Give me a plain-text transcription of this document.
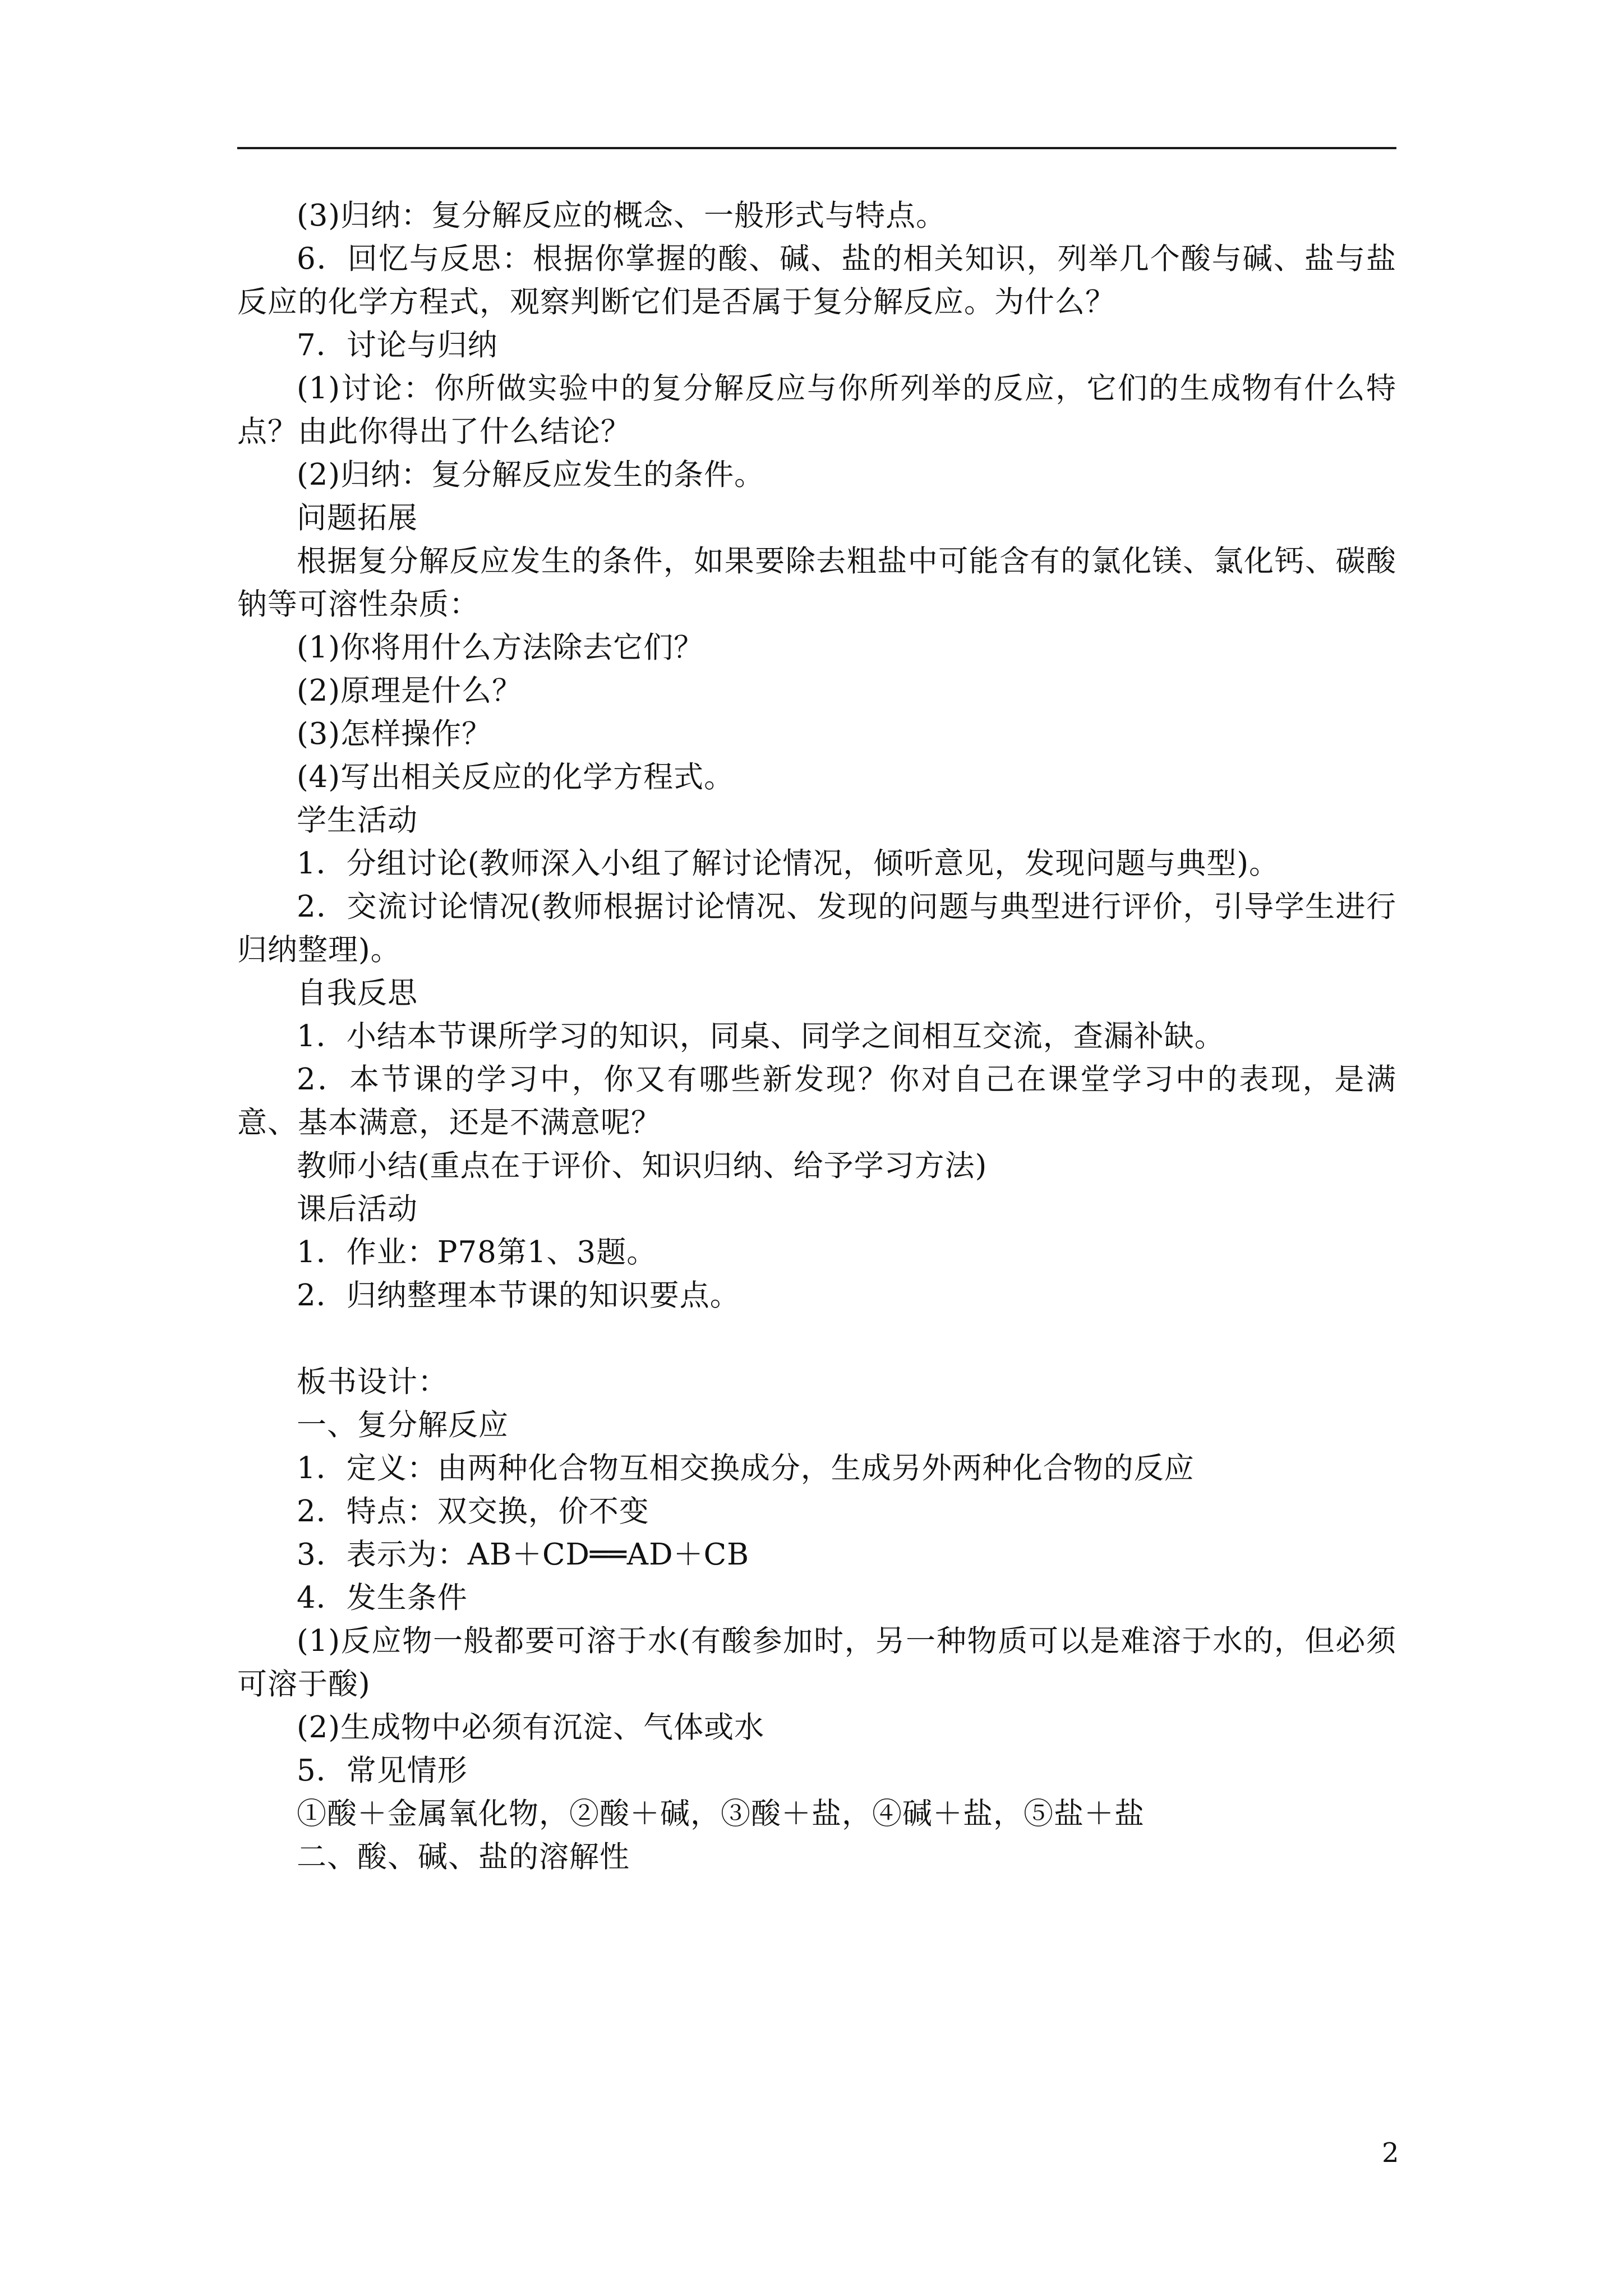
(3)归纳：复分解反应的概念、一般形式与特点。

6．回忆与反思：根据你掌握的酸、碱、盐的相关知识，列举几个酸与碱、盐与盐反应的化学方程式，观察判断它们是否属于复分解反应。为什么？

7．讨论与归纳

(1)讨论：你所做实验中的复分解反应与你所列举的反应，它们的生成物有什么特点？由此你得出了什么结论？

(2)归纳：复分解反应发生的条件。

问题拓展

根据复分解反应发生的条件，如果要除去粗盐中可能含有的氯化镁、氯化钙、碳酸钠等可溶性杂质：

(1)你将用什么方法除去它们？

(2)原理是什么？

(3)怎样操作？

(4)写出相关反应的化学方程式。

学生活动

1．分组讨论(教师深入小组了解讨论情况，倾听意见，发现问题与典型)。

2．交流讨论情况(教师根据讨论情况、发现的问题与典型进行评价，引导学生进行归纳整理)。

自我反思

1．小结本节课所学习的知识，同桌、同学之间相互交流，查漏补缺。

2．本节课的学习中，你又有哪些新发现？你对自己在课堂学习中的表现，是满意、基本满意，还是不满意呢？

教师小结(重点在于评价、知识归纳、给予学习方法)

课后活动

1．作业：P78第1、3题。

2．归纳整理本节课的知识要点。

板书设计：

一、复分解反应

1．定义：由两种化合物互相交换成分，生成另外两种化合物的反应

2．特点：双交换，价不变

3．表示为：AB＋CD══AD＋CB

4．发生条件

(1)反应物一般都要可溶于水(有酸参加时，另一种物质可以是难溶于水的，但必须可溶于酸)

(2)生成物中必须有沉淀、气体或水

5．常见情形

①酸＋金属氧化物，②酸＋碱，③酸＋盐，④碱＋盐，⑤盐＋盐

二、酸、碱、盐的溶解性

2
